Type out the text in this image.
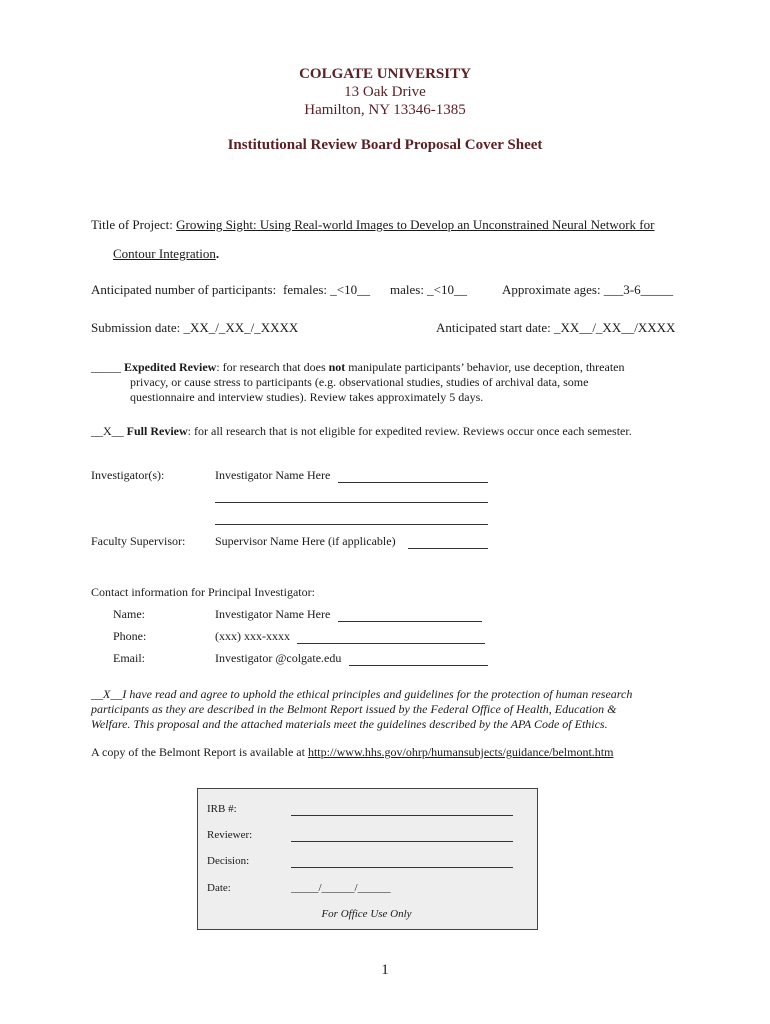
COLGATE UNIVERSITY
13 Oak Drive
Hamilton, NY 13346-1385
Institutional Review Board Proposal Cover Sheet
Title of Project: Growing Sight: Using Real-world Images to Develop an Unconstrained Neural Network for
Contour Integration.
Anticipated number of participants: females: _<10__ males: _<10__	Approximate ages: ___3-6_____
Submission date: _XX_/_XX_/_XXXX	Anticipated start date: _XX__/_XX__/XXXX
_____ Expedited Review: for research that does not manipulate participants’ behavior, use deception, threaten
privacy, or cause stress to participants (e.g. observational studies, studies of archival data, some
questionnaire and interview studies). Review takes approximately 5 days.
__X__ Full Review: for all research that is not eligible for expedited review. Reviews occur once each semester.
Investigator(s):	Investigator Name Here
Faculty Supervisor: Supervisor Name Here (if applicable)
Contact information for Principal Investigator:
Name:	Investigator Name Here
Phone:	(xxx) xxx-xxxx
Email:	Investigator @colgate.edu
__X__I have read and agree to uphold the ethical principles and guidelines for the protection of human research
participants as they are described in the Belmont Report issued by the Federal Office of Health, Education &
Welfare. This proposal and the attached materials meet the guidelines described by the APA Code of Ethics.
A copy of the Belmont Report is available at http://www.hhs.gov/ohrp/humansubjects/guidance/belmont.htm
IRB #:
Reviewer:
Decision:
Date:	_____/______/______
For Office Use Only
1
